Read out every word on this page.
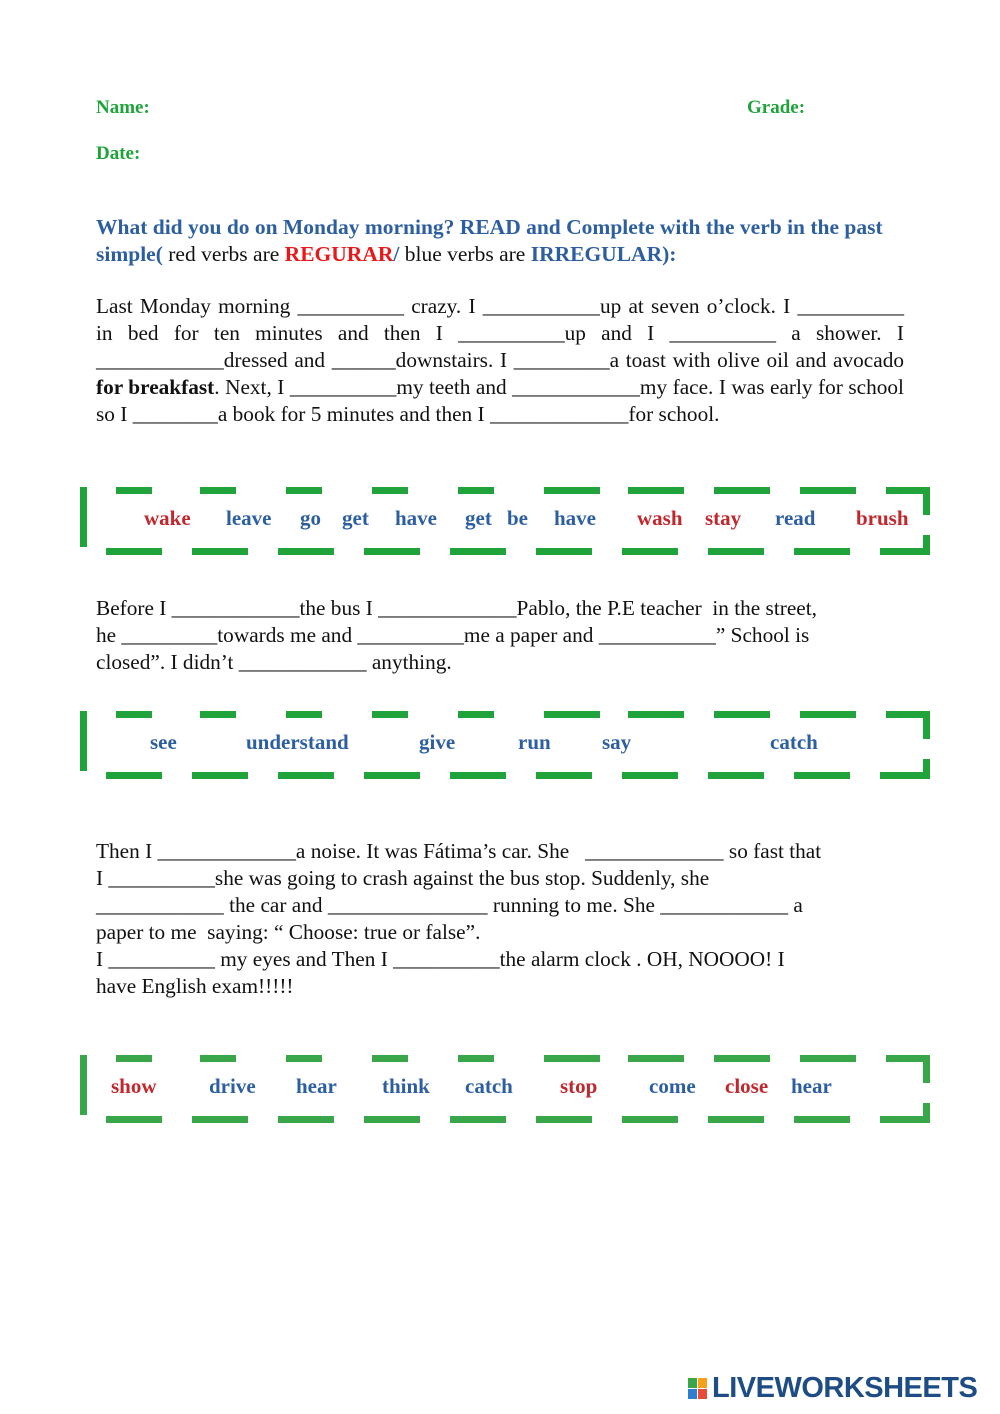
Name:	Grade:
Date:
What did you do on Monday morning? READ and Complete with the verb in the past simple( red verbs are REGURAR/ blue verbs are IRREGULAR):
Last Monday morning __________ crazy. I ___________up at seven o’clock. I __________ in bed for ten minutes and then I __________up and I __________ a shower. I ____________dressed and ______downstairs. I _________a toast with olive oil and avocado for breakfast. Next, I __________my teeth and ____________my face. I was early for school so I ________a book for 5 minutes and then I _____________for school.
wake leave go get have get be have wash stay read brush
Before I ____________the bus I _____________Pablo, the P.E teacher  in the street,
he _________towards me and __________me a paper and ___________” School is
closed”. I didn’t ____________ anything.
see	understand	give	run say	catch
Then I _____________a noise. It was Fátima’s car. She   _____________ so fast that
I __________she was going to crash against the bus stop. Suddenly, she
____________ the car and _______________ running to me. She ____________ a
paper to me  saying: “ Choose: true or false”.
I __________ my eyes and Then I __________the alarm clock . OH, NOOOO! I
have English exam!!!!!
show drive hear think catch stop come close hear
LIVEWORKSHEETS
